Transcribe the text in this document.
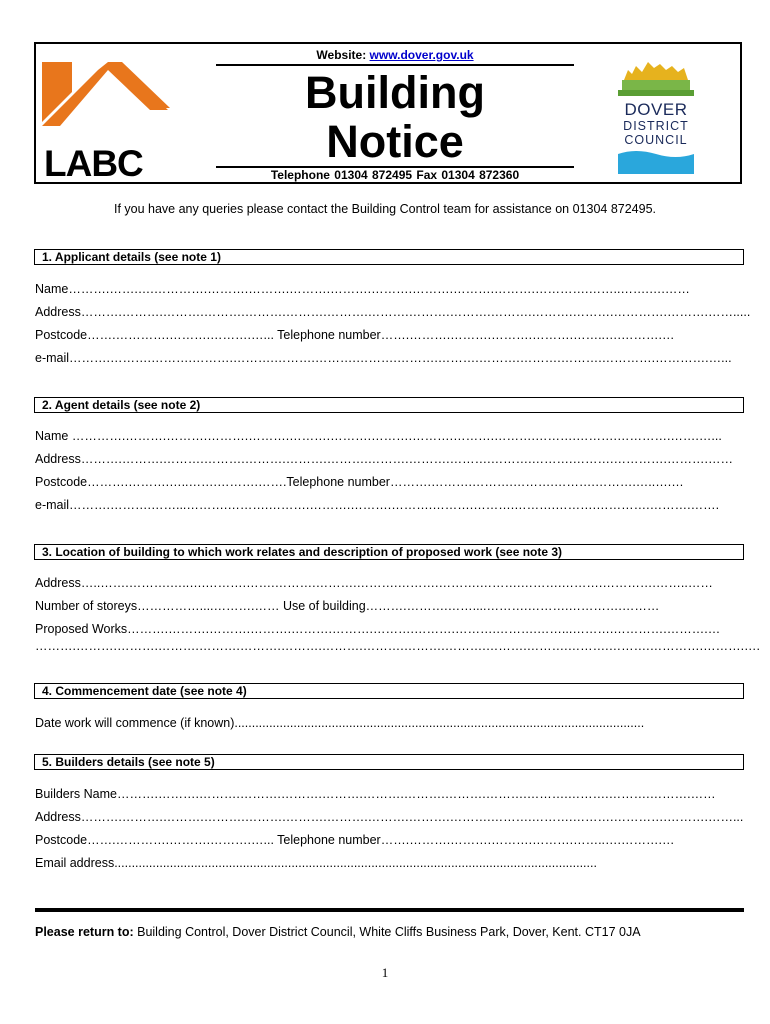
LABC
Website: www.dover.gov.uk
Building
Notice
Telephone 01304 872495 Fax 01304 872360
DOVER
DISTRICT
COUNCIL
If you have any queries please contact the Building Control team for assistance on 01304 872495.
1. Applicant details (see note 1)
Name……….…….….………….……….……….……….……….……….……….……….……….………….……..…….….……
Address……….……….……….……….……….……….……….……….……….……….……….……….……….………….……….…….....
Postcode…….………….……….……….…... Telephone number…….……….……….……….……….……..….……….…
e-mail……….……….……….……….……….……….……….……….……….……….……….……….……….………….………….…...
2. Agent details (see note 2)
Name ………….……….……….……….……….……….……….……….……….……….……….……….……….………….…….…...
Address……….……….……….……….……….……….……….……….……….……….……….……….……….………….……….……
Postcode……….……….…..…….……….…….Telephone number……….……….……….……….……….……….…..….…
e-mail……….……….……...……….……….……….……….……….……….……….……….……….……….………….……….…….
3. Location of building to which work relates and description of proposed work (see note 3)
Address…..…….……….…..….……….…….……….……….……….……….……….……….……….……….………….……..……
Number of storeys……………....……….…… Use of building……….……….……....……….……….………….………
Proposed Works……….……….……….……….……….……….……….……….……….……….……...……….………….……….…
……….……….……….……….……….……….……….……….……….……….……….……….……….……….……….………….……….….
4. Commencement date (see note 4)
Date work will commence (if known)......................................................................................................................
5. Builders details (see note 5)
Builders Name……….……….……….……….……….……….……….……….……….……….……….……….……….……….……
Address……….……….……….……….……….……….……….……….……….……….……….……….……….………….……….……...
Postcode…….………….……….……….…... Telephone number…….……….……….……….……….……..….……….…
Email address...........................................................................................................................................
Please return to: Building Control, Dover District Council, White Cliffs Business Park, Dover, Kent. CT17 0JA
1
